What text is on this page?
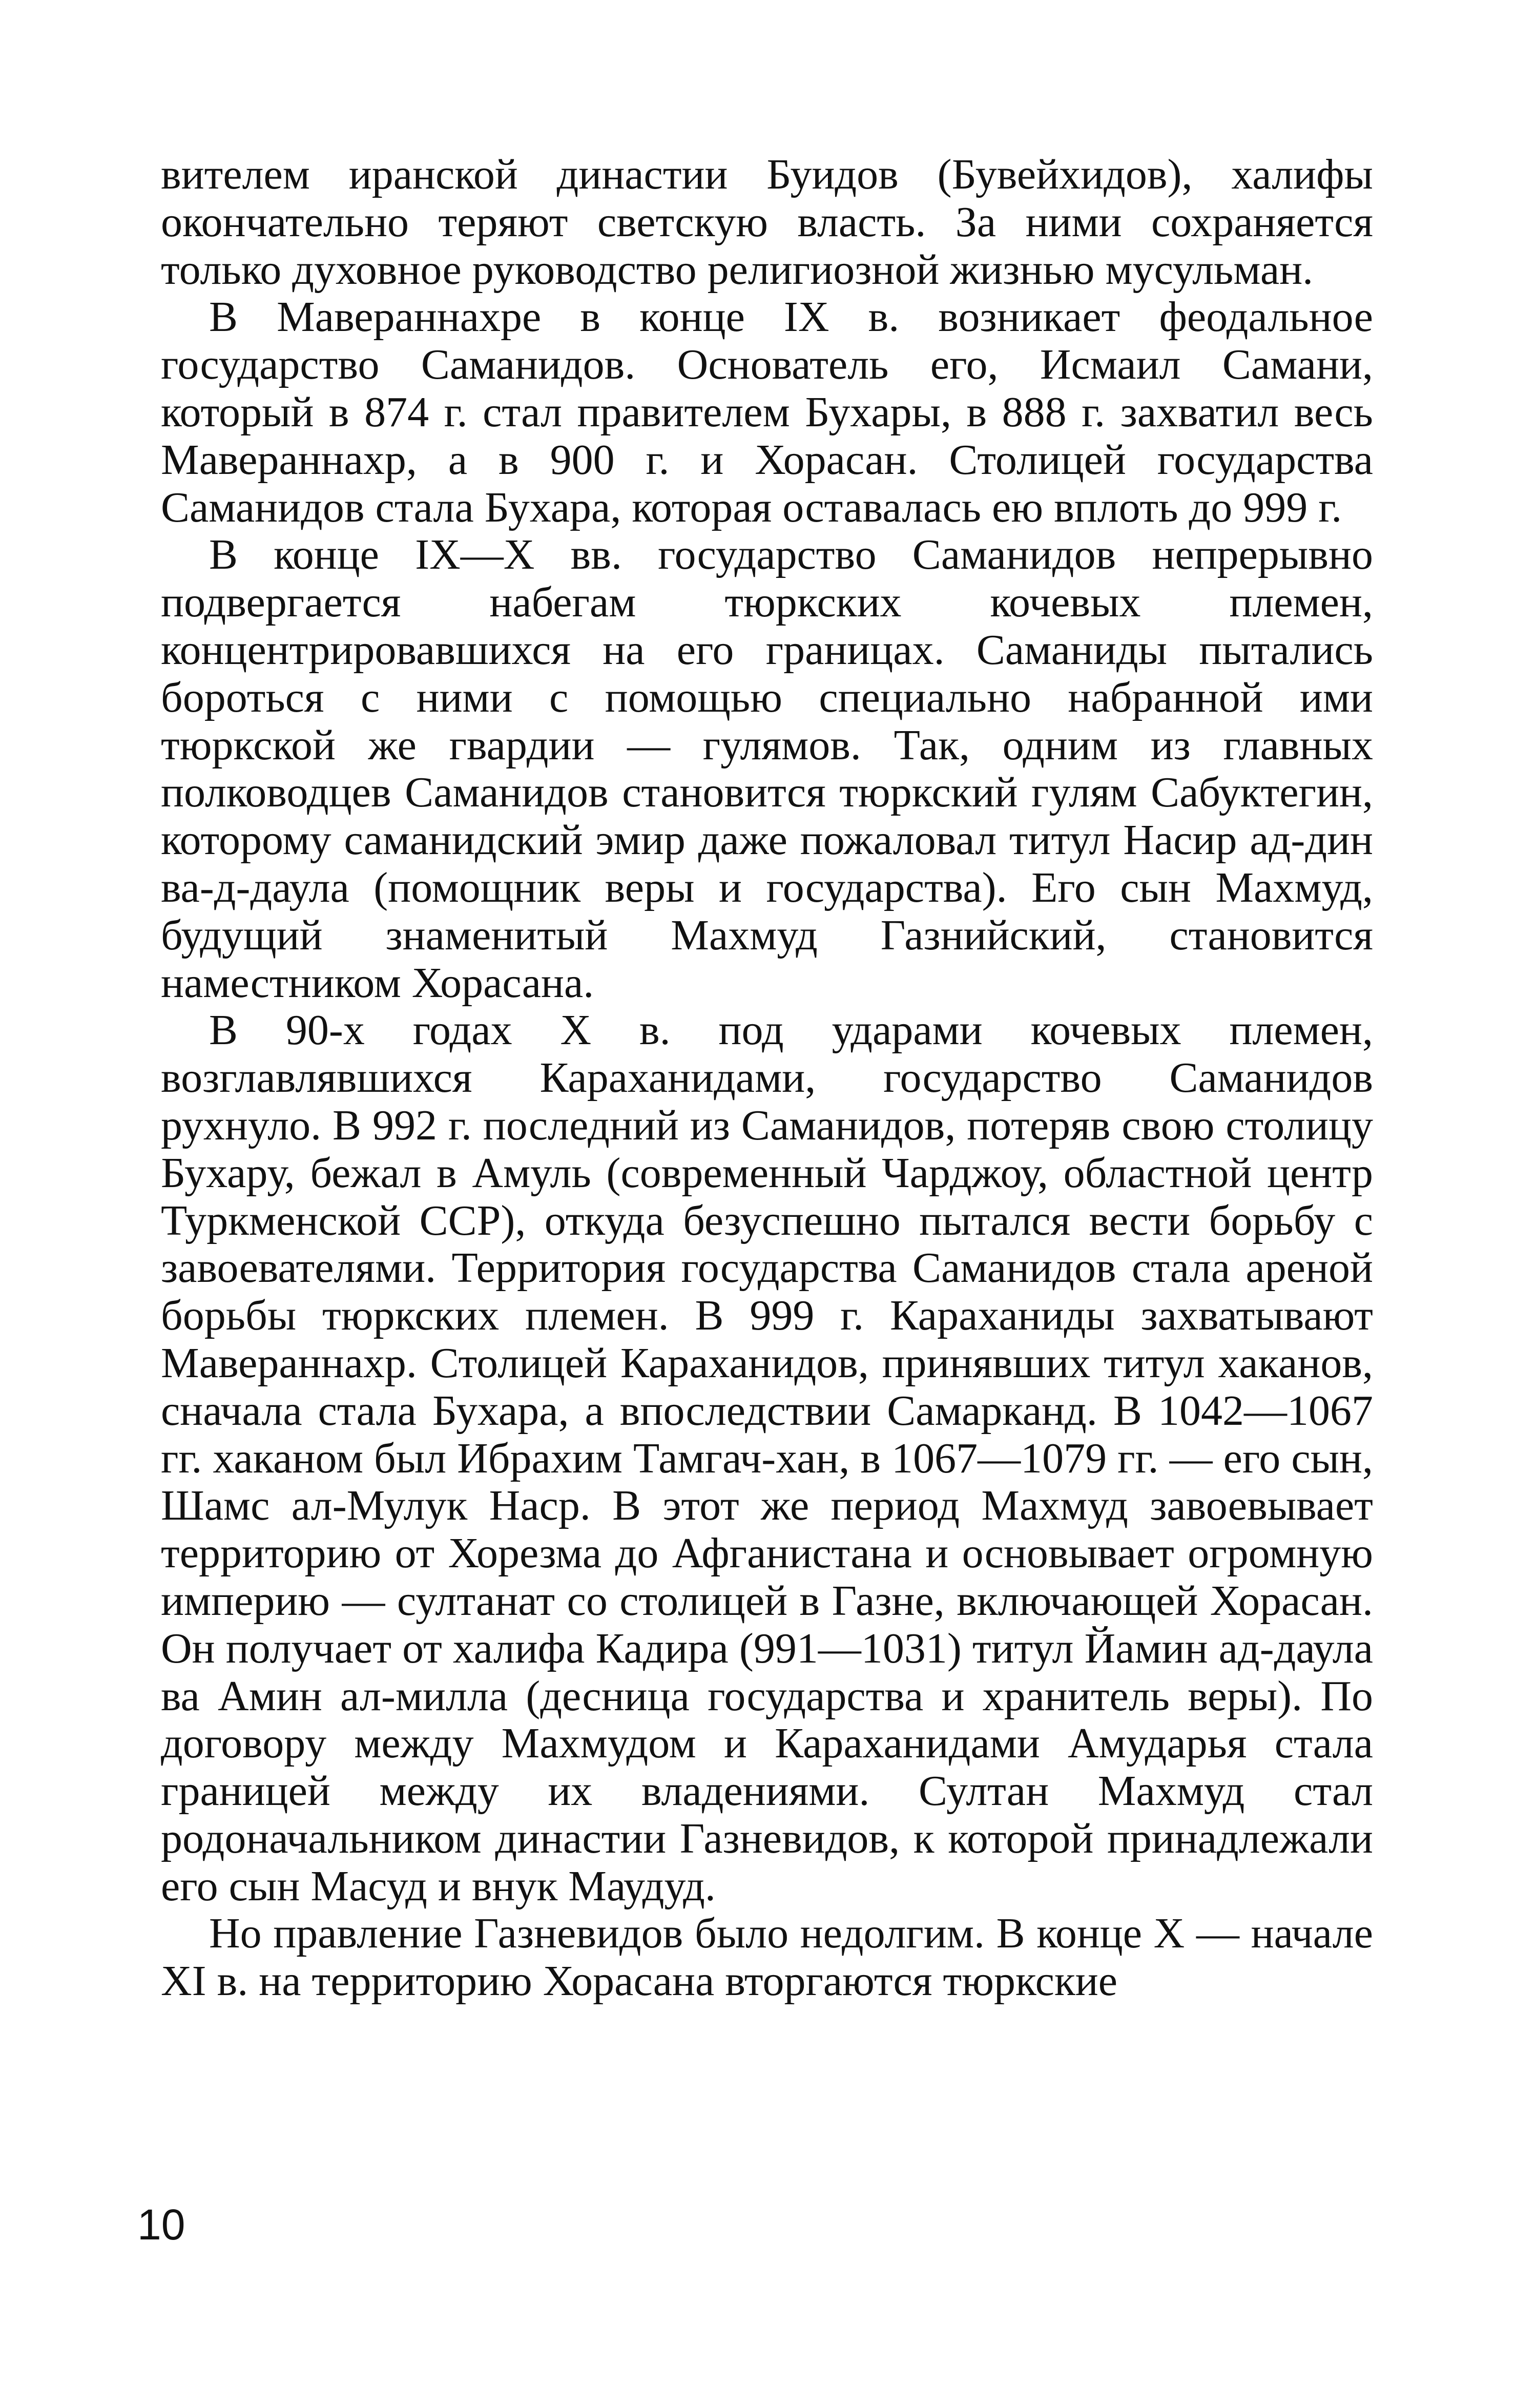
вителем иранской династии Буидов (Бувейхидов), халифы окончательно теряют светскую власть. За ними сохраняется только духовное руководство религиозной жизнью мусульман.

В Мавераннахре в конце IX в. возникает феодальное государство Саманидов. Основатель его, Исмаил Самани, который в 874 г. стал правителем Бухары, в 888 г. захватил весь Мавераннахр, а в 900 г. и Хорасан. Столицей государства Саманидов стала Бухара, которая оставалась ею вплоть до 999 г.

В конце IX—X вв. государство Саманидов непрерывно подвергается набегам тюркских кочевых племен, концентрировавшихся на его границах. Саманиды пытались бороться с ними с помощью специально набранной ими тюркской же гвардии — гулямов. Так, одним из главных полководцев Саманидов становится тюркский гулям Сабуктегин, которому саманидский эмир даже пожаловал титул Насир ад-дин ва-д-даула (помощник веры и государства). Его сын Махмуд, будущий знаменитый Махмуд Газнийский, становится наместником Хорасана.

В 90-х годах X в. под ударами кочевых племен, возглавлявшихся Караханидами, государство Саманидов рухнуло. В 992 г. последний из Саманидов, потеряв свою столицу Бухару, бежал в Амуль (современный Чарджоу, областной центр Туркменской ССР), откуда безуспешно пытался вести борьбу с завоевателями. Территория государства Саманидов стала ареной борьбы тюркских племен. В 999 г. Караханиды захватывают Мавераннахр. Столицей Караханидов, принявших титул хаканов, сначала стала Бухара, а впоследствии Самарканд. В 1042—1067 гг. хаканом был Ибрахим Тамгач-хан, в 1067—1079 гг. — его сын, Шамс ал-Мулук Наср. В этот же период Махмуд завоевывает территорию от Хорезма до Афганистана и основывает огромную империю — султанат со столицей в Газне, включающей Хорасан. Он получает от халифа Кадира (991—1031) титул Йамин ад-даула ва Амин ал-милла (десница государства и хранитель веры). По договору между Махмудом и Караханидами Амударья стала границей между их владениями. Султан Махмуд стал родоначальником династии Газневидов, к которой принадлежали его сын Масуд и внук Маудуд.

Но правление Газневидов было недолгим. В конце X — начале XI в. на территорию Хорасана вторгаются тюркские

10
